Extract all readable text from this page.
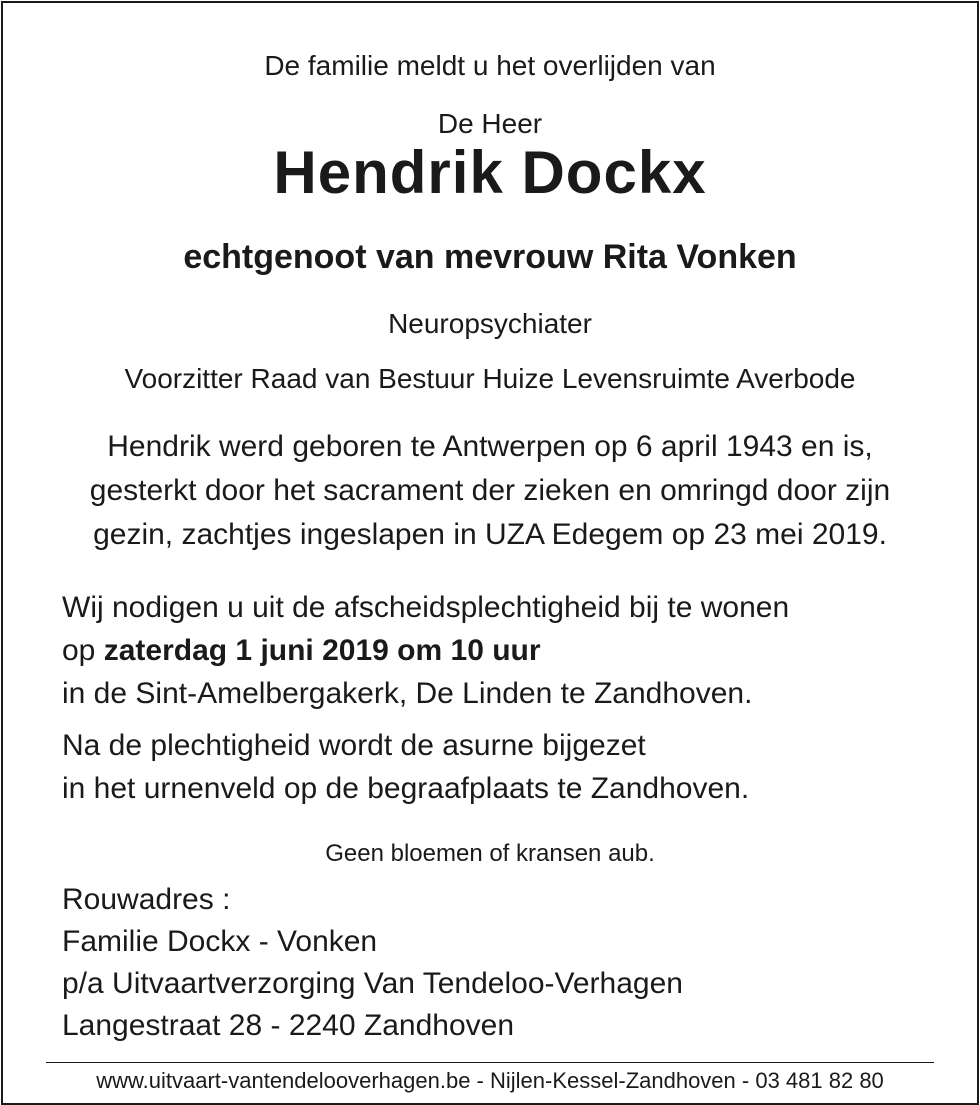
De familie meldt u het overlijden van
De Heer
Hendrik Dockx
echtgenoot van mevrouw Rita Vonken
Neuropsychiater
Voorzitter Raad van Bestuur Huize Levensruimte Averbode
Hendrik werd geboren te Antwerpen op 6 april 1943 en is,
gesterkt door het sacrament der zieken en omringd door zijn
gezin, zachtjes ingeslapen in UZA Edegem op 23 mei 2019.
Wij nodigen u uit de afscheidsplechtigheid bij te wonen
op zaterdag 1 juni 2019 om 10 uur
in de Sint-Amelbergakerk, De Linden te Zandhoven.
Na de plechtigheid wordt de asurne bijgezet
in het urnenveld op de begraafplaats te Zandhoven.
Geen bloemen of kransen aub.
Rouwadres :
Familie Dockx - Vonken
p/a Uitvaartverzorging Van Tendeloo-Verhagen
Langestraat 28 - 2240 Zandhoven
www.uitvaart-vantendelooverhagen.be - Nijlen-Kessel-Zandhoven - 03 481 82 80
